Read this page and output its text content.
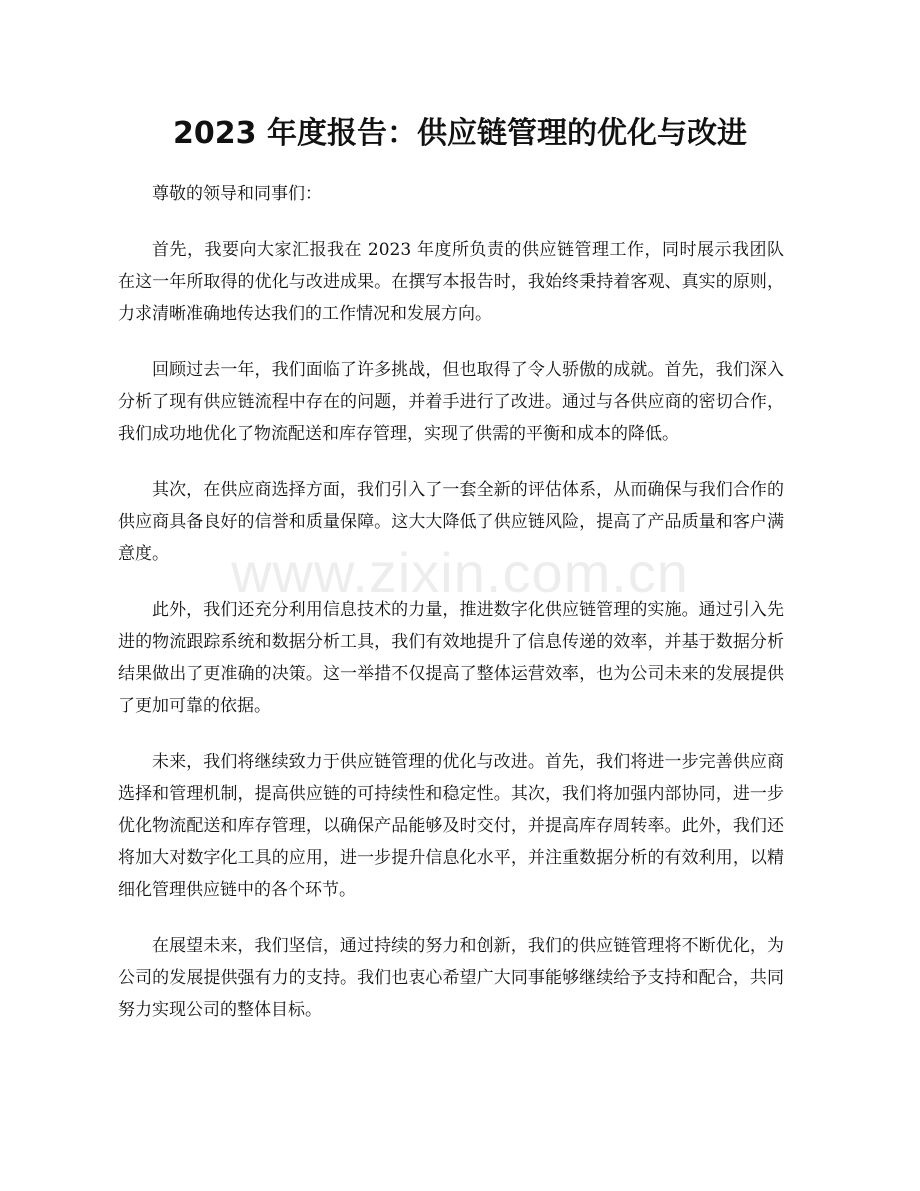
2023 年度报告：供应链管理的优化与改进

尊敬的领导和同事们：

首先，我要向大家汇报我在 2023 年度所负责的供应链管理工作，同时展示我团队在这一年所取得的优化与改进成果。在撰写本报告时，我始终秉持着客观、真实的原则，力求清晰准确地传达我们的工作情况和发展方向。

回顾过去一年，我们面临了许多挑战，但也取得了令人骄傲的成就。首先，我们深入分析了现有供应链流程中存在的问题，并着手进行了改进。通过与各供应商的密切合作，我们成功地优化了物流配送和库存管理，实现了供需的平衡和成本的降低。

其次，在供应商选择方面，我们引入了一套全新的评估体系，从而确保与我们合作的供应商具备良好的信誉和质量保障。这大大降低了供应链风险，提高了产品质量和客户满意度。

此外，我们还充分利用信息技术的力量，推进数字化供应链管理的实施。通过引入先进的物流跟踪系统和数据分析工具，我们有效地提升了信息传递的效率，并基于数据分析结果做出了更准确的决策。这一举措不仅提高了整体运营效率，也为公司未来的发展提供了更加可靠的依据。

未来，我们将继续致力于供应链管理的优化与改进。首先，我们将进一步完善供应商选择和管理机制，提高供应链的可持续性和稳定性。其次，我们将加强内部协同，进一步优化物流配送和库存管理，以确保产品能够及时交付，并提高库存周转率。此外，我们还将加大对数字化工具的应用，进一步提升信息化水平，并注重数据分析的有效利用，以精细化管理供应链中的各个环节。

在展望未来，我们坚信，通过持续的努力和创新，我们的供应链管理将不断优化，为公司的发展提供强有力的支持。我们也衷心希望广大同事能够继续给予支持和配合，共同努力实现公司的整体目标。

www.zixin.com.cn
